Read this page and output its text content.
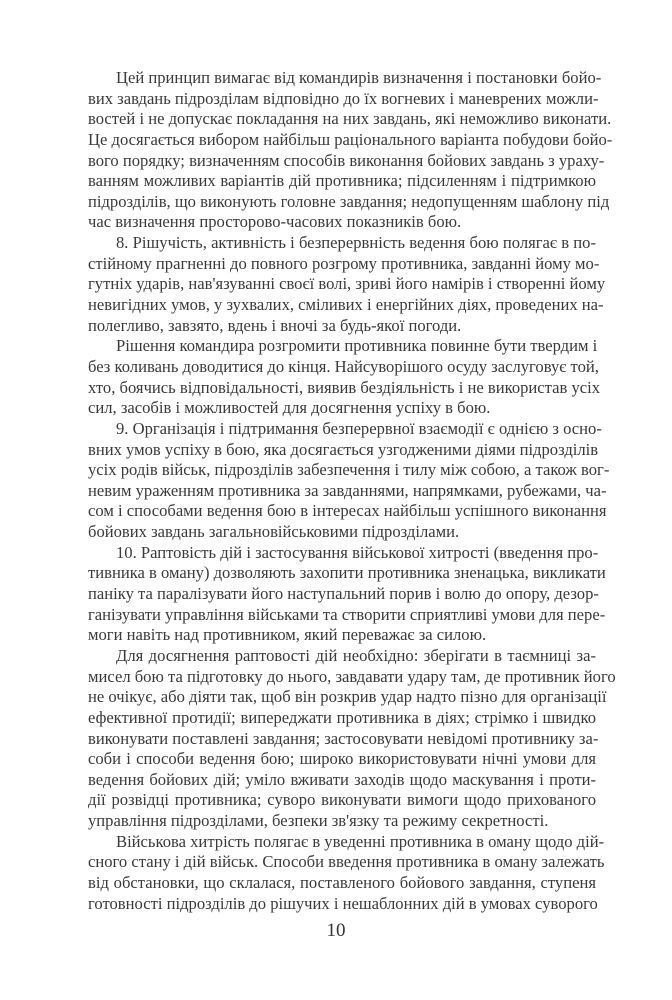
Цей принцип вимагає від командирів визначення і постановки бойо-
вих завдань підрозділам відповідно до їх вогневих і маневрених можли-
востей і не допускає покладання на них завдань, які неможливо виконати.
Це досягається вибором найбільш раціонального варіанта побудови бойо-
вого порядку; визначенням способів виконання бойових завдань з ураху-
ванням можливих варіантів дій противника; підсиленням і підтримкою
підрозділів, що виконують головне завдання; недопущенням шаблону під
час визначення просторово-часових показників бою.
8. Рішучість, активність і безперервність ведення бою полягає в по-
стійному прагненні до повного розгрому противника, завданні йому мо-
гутніх ударів, нав'язуванні своєї волі, зриві його намірів і створенні йому
невигідних умов, у зухвалих, сміливих і енергійних діях, проведених на-
полегливо, завзято, вдень і вночі за будь-якої погоди.
Рішення командира розгромити противника повинне бути твердим і
без коливань доводитися до кінця. Найсуворішого осуду заслуговує той,
хто, боячись відповідальності, виявив бездіяльність і не використав усіх
сил, засобів і можливостей для досягнення успіху в бою.
9. Організація і підтримання безперервної взаємодії є однією з осно-
вних умов успіху в бою, яка досягається узгодженими діями підрозділів
усіх родів військ, підрозділів забезпечення і тилу між собою, а також вог-
невим ураженням противника за завданнями, напрямками, рубежами, ча-
сом і способами ведення бою в інтересах найбільш успішного виконання
бойових завдань загальновійськовими підрозділами.
10. Раптовість дій і застосування військової хитрості (введення про-
тивника в оману) дозволяють захопити противника зненацька, викликати
паніку та паралізувати його наступальний порив і волю до опору, дезор-
ганізувати управління військами та створити сприятливі умови для пере-
моги навіть над противником, який переважає за силою.
Для досягнення раптовості дій необхідно: зберігати в таємниці за-
мисел бою та підготовку до нього, завдавати удару там, де противник його
не очікує, або діяти так, щоб він розкрив удар надто пізно для організації
ефективної протидії; випереджати противника в діях; стрімко і швидко
виконувати поставлені завдання; застосовувати невідомі противнику за-
соби і способи ведення бою; широко використовувати нічні умови для
ведення бойових дій; уміло вживати заходів щодо маскування і проти-
дії розвідці противника; суворо виконувати вимоги щодо прихованого
управління підрозділами, безпеки зв'язку та режиму секретності.
Військова хитрість полягає в уведенні противника в оману щодо дій-
сного стану і дій військ. Способи введення противника в оману залежать
від обстановки, що склалася, поставленого бойового завдання, ступеня
готовності підрозділів до рішучих і нешаблонних дій в умовах суворого
10
